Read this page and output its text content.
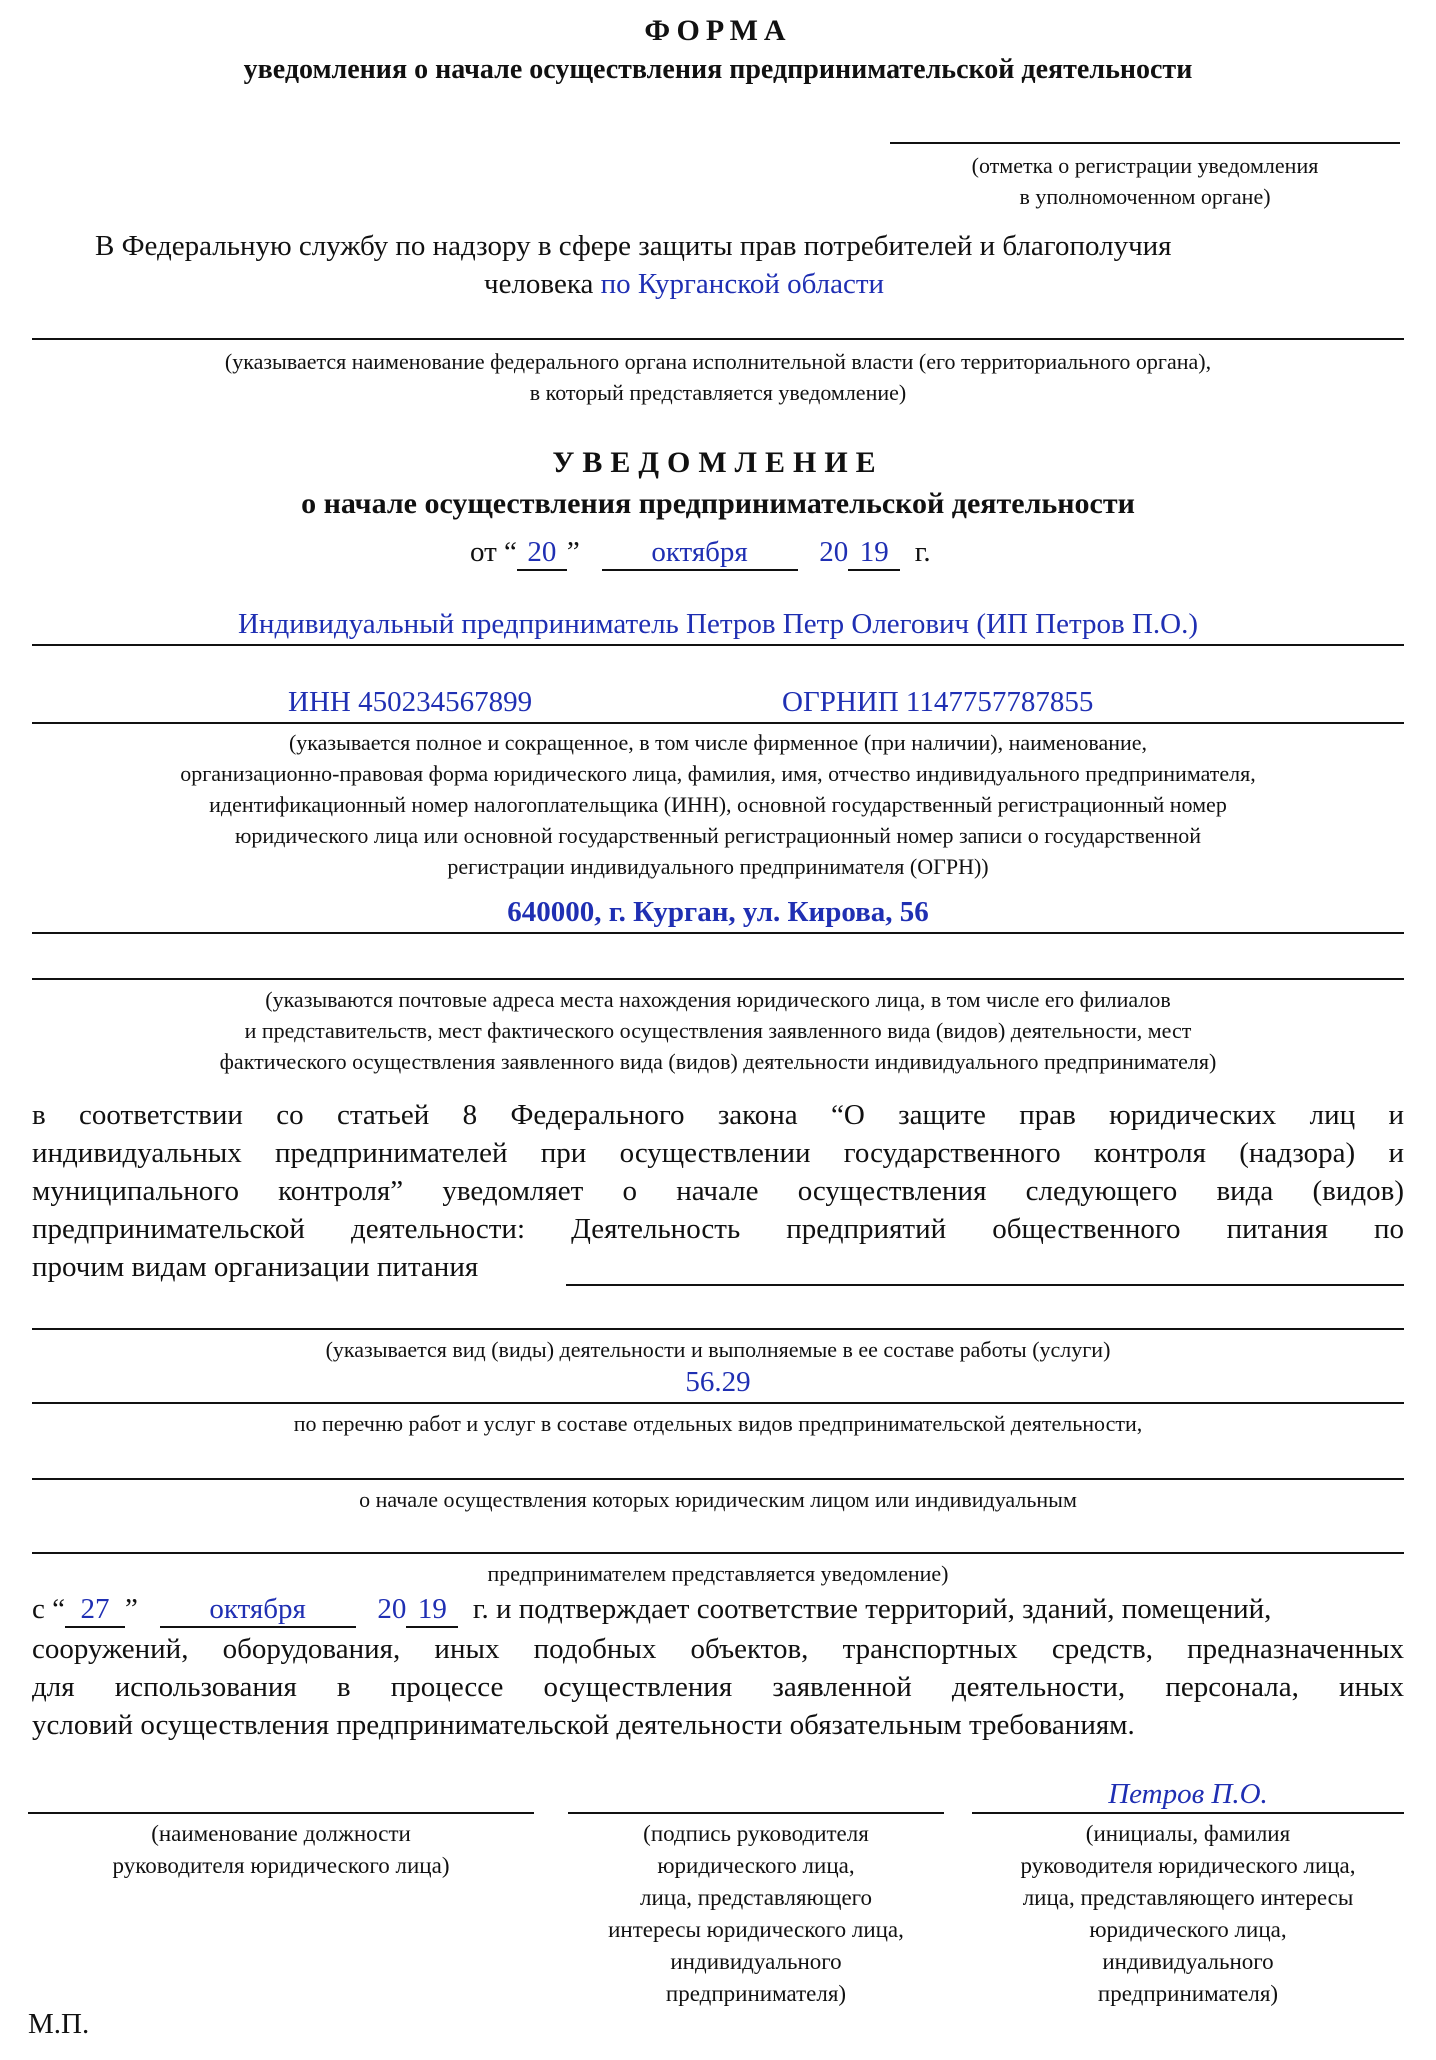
ФОРМА
уведомления о начале осуществления предпринимательской деятельности
(отметка о регистрации уведомления
в уполномоченном органе)
В Федеральную службу по надзору в сфере защиты прав потребителей и благополучия
человека по Курганской области
(указывается наименование федерального органа исполнительной власти (его территориального органа),
в который представляется уведомление)
УВЕДОМЛЕНИЕ
о начале осуществления предпринимательской деятельности
от “ 20 ” октября 20 19 г.
Индивидуальный предприниматель Петров Петр Олегович (ИП Петров П.О.)
ИНН 450234567899	ОГРНИП 1147757787855
(указывается полное и сокращенное, в том числе фирменное (при наличии), наименование,
организационно-правовая форма юридического лица, фамилия, имя, отчество индивидуального предпринимателя,
идентификационный номер налогоплательщика (ИНН), основной государственный регистрационный номер
юридического лица или основной государственный регистрационный номер записи о государственной
регистрации индивидуального предпринимателя (ОГРН))
640000, г. Курган, ул. Кирова, 56
(указываются почтовые адреса места нахождения юридического лица, в том числе его филиалов
и представительств, мест фактического осуществления заявленного вида (видов) деятельности, мест
фактического осуществления заявленного вида (видов) деятельности индивидуального предпринимателя)
в соответствии со статьей 8 Федерального закона “О защите прав юридических лиц и
индивидуальных предпринимателей при осуществлении государственного контроля (надзора) и
муниципального контроля” уведомляет о начале осуществления следующего вида (видов)
предпринимательской деятельности: Деятельность предприятий общественного питания по
прочим видам организации питания
(указывается вид (виды) деятельности и выполняемые в ее составе работы (услуги)
56.29
по перечню работ и услуг в составе отдельных видов предпринимательской деятельности,
о начале осуществления которых юридическим лицом или индивидуальным
предпринимателем представляется уведомление)
с “ 27 ” октября 20 19 г. и подтверждает соответствие территорий, зданий, помещений,
сооружений, оборудования, иных подобных объектов, транспортных средств, предназначенных
для использования в процессе осуществления заявленной деятельности, персонала, иных
условий осуществления предпринимательской деятельности обязательным требованиям.
Петров П.О.
(наименование должности
руководителя юридического лица)
(подпись руководителя
юридического лица,
лица, представляющего
интересы юридического лица,
индивидуального
предпринимателя)
(инициалы, фамилия
руководителя юридического лица,
лица, представляющего интересы
юридического лица,
индивидуального
предпринимателя)
М.П.
